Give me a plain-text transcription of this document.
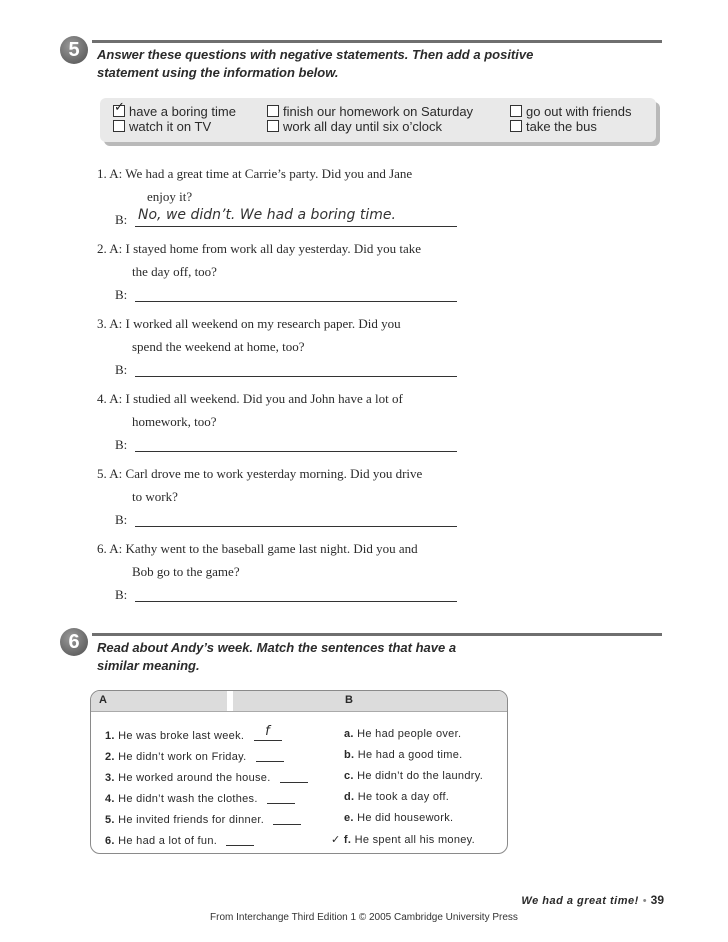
5	Answer these questions with negative statements. Then add a positive
statement using the information below.
✓have a boring time
watch it on TV
finish our homework on Saturday
work all day until six o’clock
go out with friends
take the bus
1. A: We had a great time at Carrie’s party. Did you and Jane
enjoy it?
B: No, we didn’t. We had a boring time.
2. A: I stayed home from work all day yesterday. Did you take
the day off, too?
B:
3. A: I worked all weekend on my research paper. Did you
spend the weekend at home, too?
B:
4. A: I studied all weekend. Did you and John have a lot of
homework, too?
B:
5. A: Carl drove me to work yesterday morning. Did you drive
to work?
B:
6. A: Kathy went to the baseball game last night. Did you and
Bob go to the game?
B:
6	Read about Andy’s week. Match the sentences that have a
similar meaning.
A	B
1. He was broke last week.	f
2. He didn’t work on Friday.
3. He worked around the house.
4. He didn’t wash the clothes.
5. He invited friends for dinner.
6. He had a lot of fun.
a. He had people over.
b. He had a good time.
c. He didn’t do the laundry.
d. He took a day off.
e. He did housework.
✓ f. He spent all his money.
We had a great time! • 39
From Interchange Third Edition 1 © 2005 Cambridge University Press
